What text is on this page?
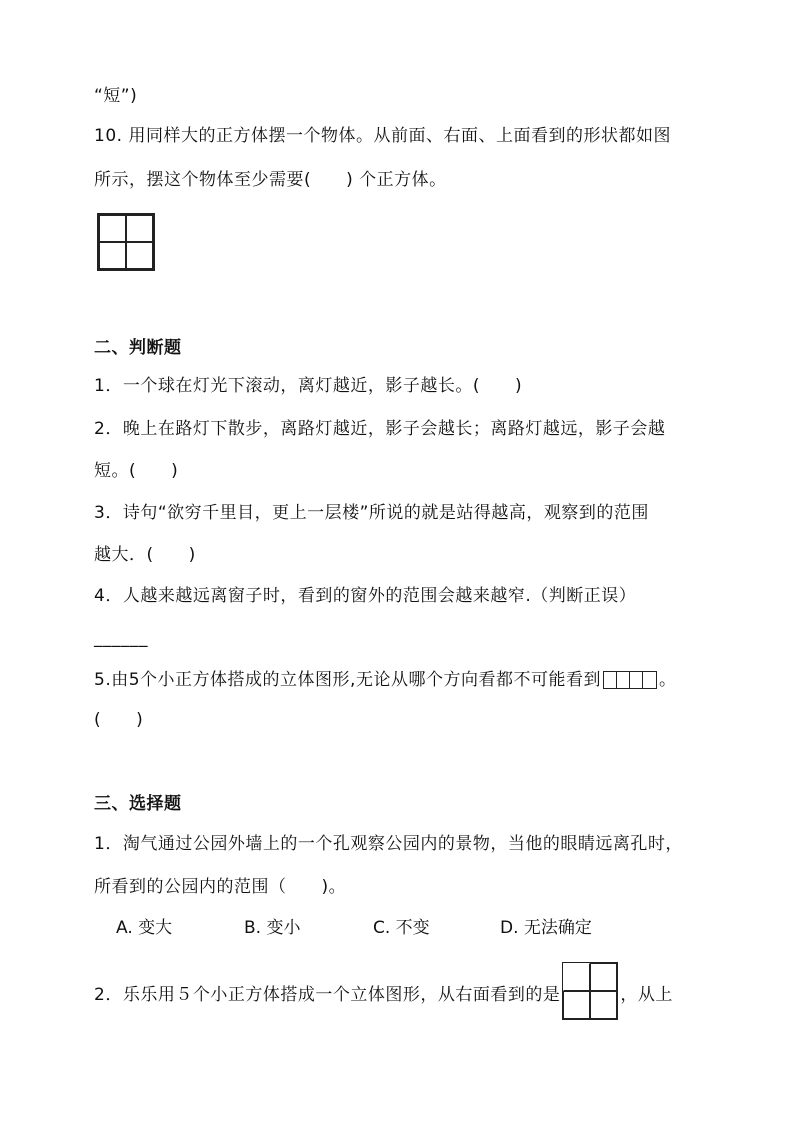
“短”)
10. 用同样大的正方体摆一个物体。从前面、右面、上面看到的形状都如图
所示，摆这个物体至少需要(　　) 个正方体。
二、判断题
1．一个球在灯光下滚动，离灯越近，影子越长。(　　)
2．晚上在路灯下散步，离路灯越近，影子会越长；离路灯越远，影子会越
短。(　　)
3．诗句“欲穷千里目，更上一层楼”所说的就是站得越高，观察到的范围
越大．(　　)
4．人越来越远离窗子时，看到的窗外的范围会越来越窄.（判断正误）
______
5.由5个小正方体搭成的立体图形,无论从哪个方向看都不可能看到	。
(　　)
三、选择题
1．淘气通过公园外墙上的一个孔观察公园内的景物，当他的眼睛远离孔时，
所看到的公园内的范围（　　)。
A. 变大	B. 变小	C. 不变	D. 无法确定
2．乐乐用５个小正方体搭成一个立体图形，从右面看到的是	，从上
